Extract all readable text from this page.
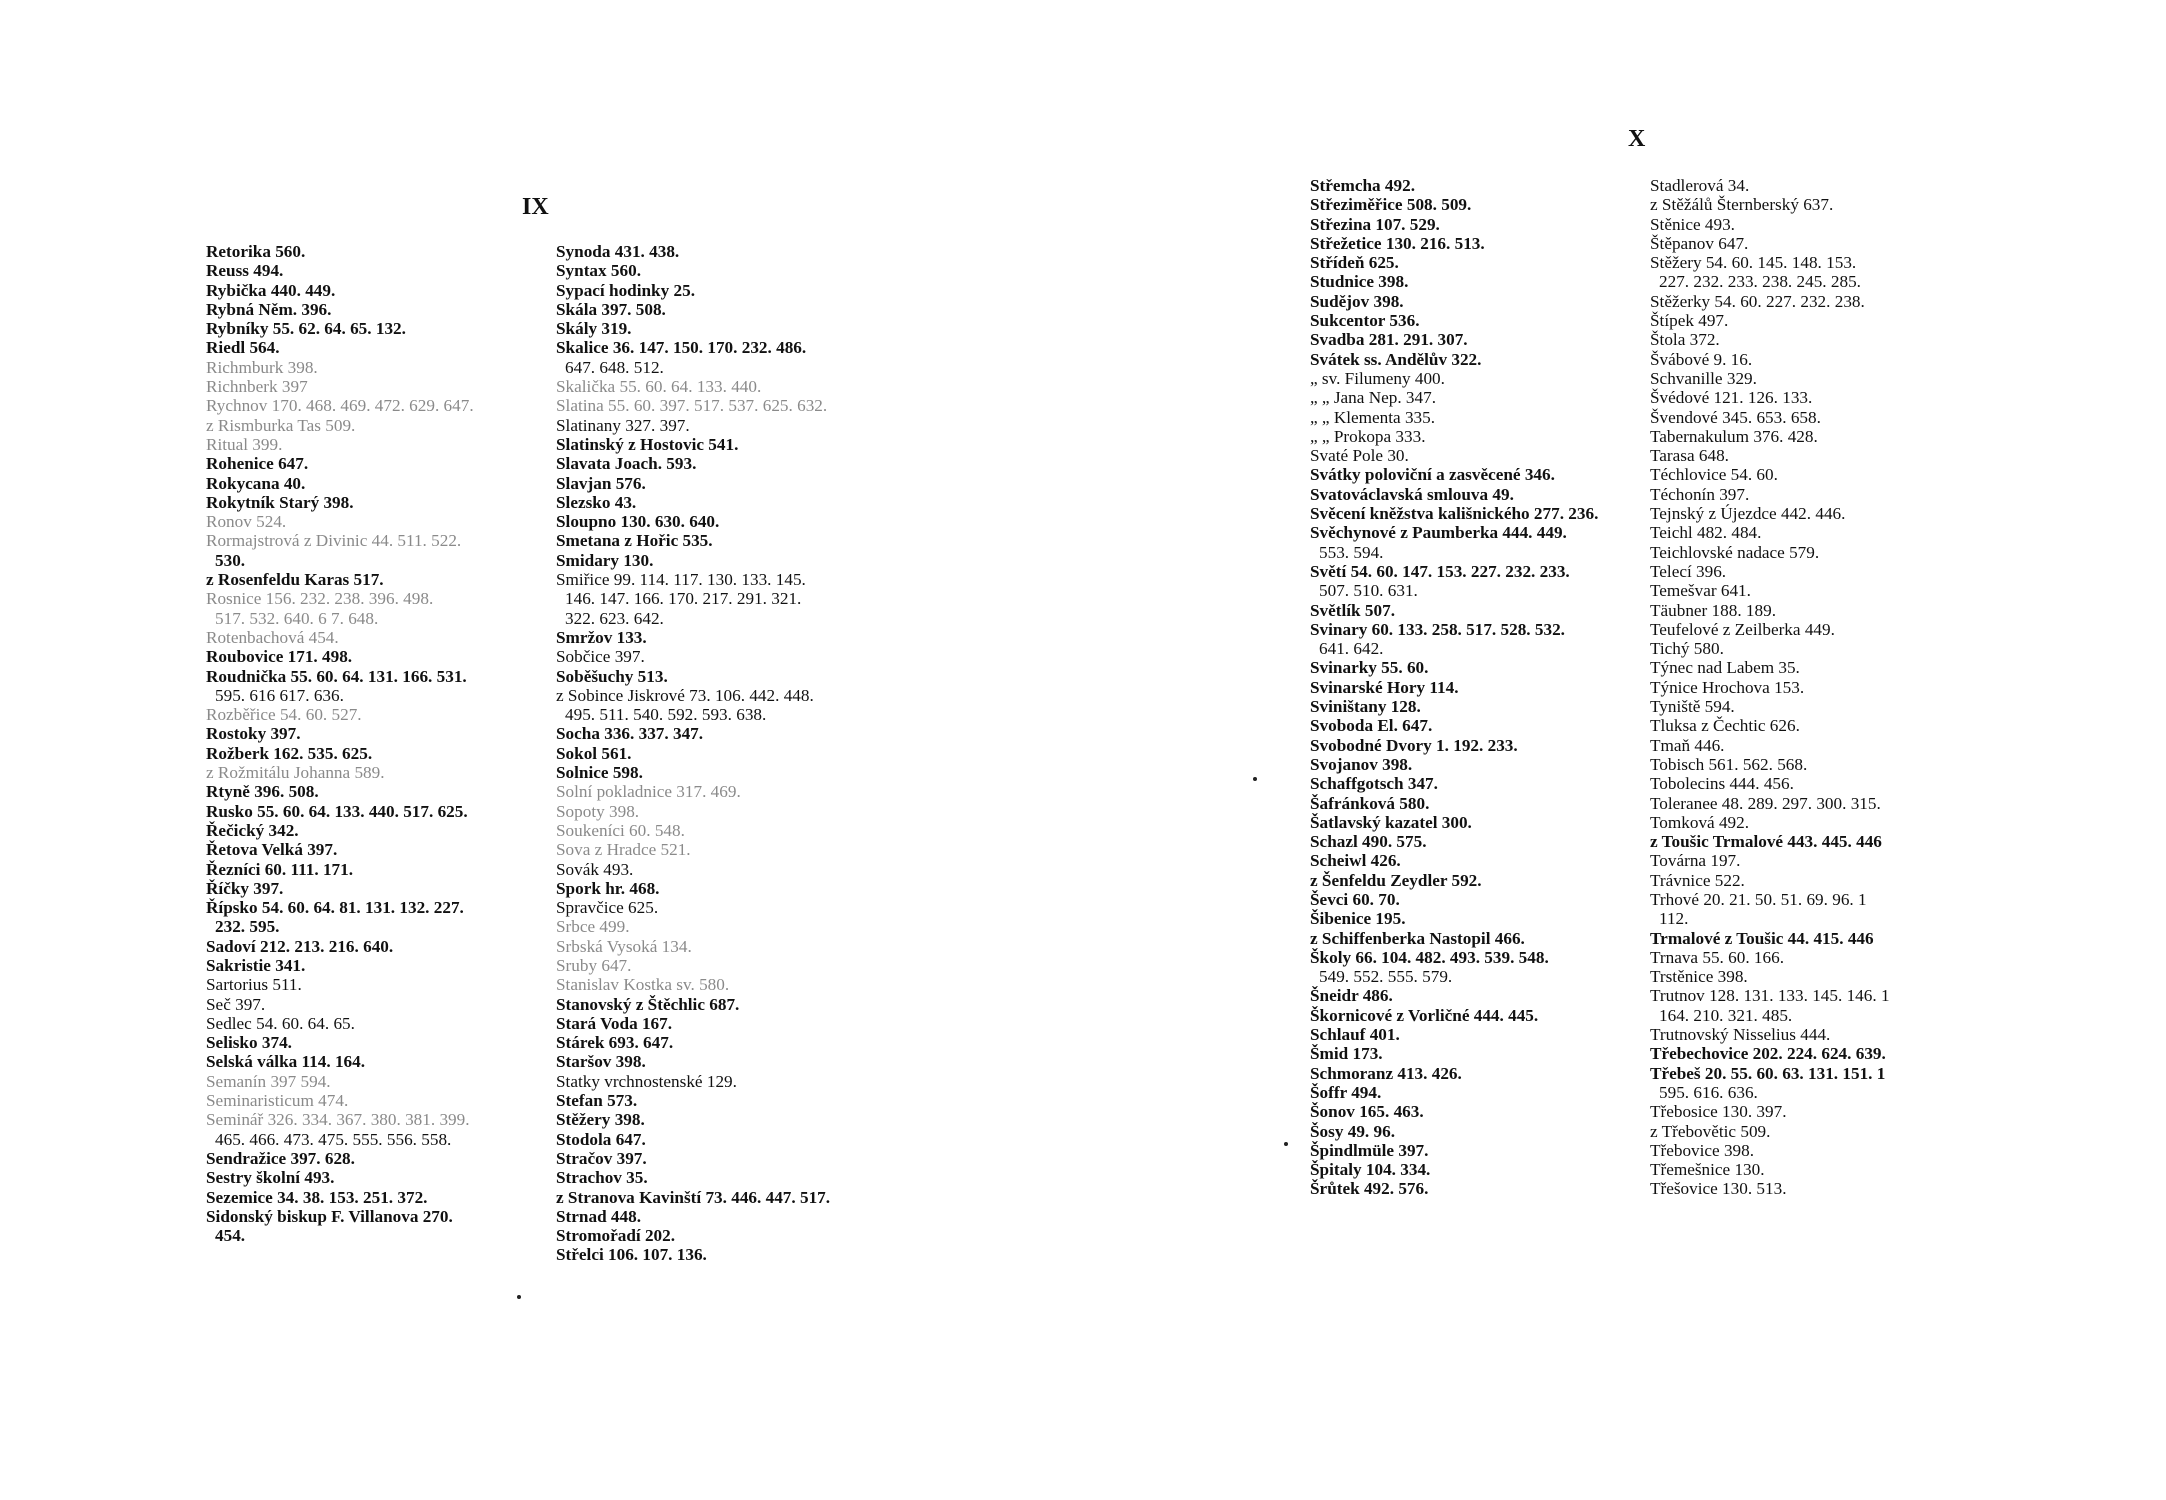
IX
Retorika 560.
Reuss 494.
Rybička 440. 449.
Rybná Něm. 396.
Rybníky 55. 62. 64. 65. 132.
Riedl 564.
Richmburk 398.
Richnberk 397
Rychnov 170. 468. 469. 472. 629. 647.
z Rismburka Tas 509.
Ritual 399.
Rohenice 647.
Rokycana 40.
Rokytník Starý 398.
Ronov 524.
Rormajstrová z Divinic 44. 511. 522.
530.
z Rosenfeldu Karas 517.
Rosnice 156. 232. 238. 396. 498.
517. 532. 640. 6 7. 648.
Rotenbachová 454.
Roubovice 171. 498.
Roudnička 55. 60. 64. 131. 166. 531.
595. 616 617. 636.
Rozběřice 54. 60. 527.
Rostoky 397.
Rožberk 162. 535. 625.
z Rožmitálu Johanna 589.
Rtyně 396. 508.
Rusko 55. 60. 64. 133. 440. 517. 625.
Řečický 342.
Řetova Velká 397.
Řezníci 60. 111. 171.
Říčky 397.
Řípsko 54. 60. 64. 81. 131. 132. 227.
232. 595.
Sadoví 212. 213. 216. 640.
Sakristie 341.
Sartorius 511.
Seč 397.
Sedlec 54. 60. 64. 65.
Selisko 374.
Selská válka 114. 164.
Semanín 397 594.
Seminaristicum 474.
Seminář 326. 334. 367. 380. 381. 399.
465. 466. 473. 475. 555. 556. 558.
Sendražice 397. 628.
Sestry školní 493.
Sezemice 34. 38. 153. 251. 372.
Sidonský biskup F. Villanova 270.
454.
Synoda 431. 438.
Syntax 560.
Sypací hodinky 25.
Skála 397. 508.
Skály 319.
Skalice 36. 147. 150. 170. 232. 486.
647. 648. 512.
Skalička 55. 60. 64. 133. 440.
Slatina 55. 60. 397. 517. 537. 625. 632.
Slatinany 327. 397.
Slatinský z Hostovic 541.
Slavata Joach. 593.
Slavjan 576.
Slezsko 43.
Sloupno 130. 630. 640.
Smetana z Hořic 535.
Smidary 130.
Smiřice 99. 114. 117. 130. 133. 145.
146. 147. 166. 170. 217. 291. 321.
322. 623. 642.
Smržov 133.
Sobčice 397.
Soběšuchy 513.
z Sobince Jiskrové 73. 106. 442. 448.
495. 511. 540. 592. 593. 638.
Socha 336. 337. 347.
Sokol 561.
Solnice 598.
Solní pokladnice 317. 469.
Sopoty 398.
Soukeníci 60. 548.
Sova z Hradce 521.
Sovák 493.
Spork hr. 468.
Spravčice 625.
Srbce 499.
Srbská Vysoká 134.
Sruby 647.
Stanislav Kostka sv. 580.
Stanovský z Štěchlic 687.
Stará Voda 167.
Stárek 693. 647.
Staršov 398.
Statky vrchnostenské 129.
Stefan 573.
Stěžery 398.
Stodola 647.
Stračov 397.
Strachov 35.
z Stranova Kavinští 73. 446. 447. 517.
Strnad 448.
Stromořadí 202.
Střelci 106. 107. 136.
X
Střemcha 492.
Střeziměřice 508. 509.
Střezina 107. 529.
Střežetice 130. 216. 513.
Střídeň 625.
Studnice 398.
Sudějov 398.
Sukcentor 536.
Svadba 281. 291. 307.
Svátek ss. Andělův 322.
„ sv. Filumeny 400.
„ „ Jana Nep. 347.
„ „ Klementa 335.
„ „ Prokopa 333.
Svaté Pole 30.
Svátky poloviční a zasvěcené 346.
Svatováclavská smlouva 49.
Svěcení kněžstva kališnického 277. 236.
Svěchynové z Paumberka 444. 449.
553. 594.
Světí 54. 60. 147. 153. 227. 232. 233.
507. 510. 631.
Světlík 507.
Svinary 60. 133. 258. 517. 528. 532.
641. 642.
Svinarky 55. 60.
Svinarské Hory 114.
Sviništany 128.
Svoboda El. 647.
Svobodné Dvory 1. 192. 233.
Svojanov 398.
Schaffgotsch 347.
Šafránková 580.
Šatlavský kazatel 300.
Schazl 490. 575.
Scheiwl 426.
z Šenfeldu Zeydler 592.
Ševci 60. 70.
Šibenice 195.
z Schiffenberka Nastopil 466.
Školy 66. 104. 482. 493. 539. 548.
549. 552. 555. 579.
Šneidr 486.
Škornicové z Vorličné 444. 445.
Schlauf 401.
Šmid 173.
Schmoranz 413. 426.
Šoffr 494.
Šonov 165. 463.
Šosy 49. 96.
Špindlmüle 397.
Špitaly 104. 334.
Šrůtek 492. 576.
Stadlerová 34.
z Stěžálů Šternberský 637.
Stěnice 493.
Štěpanov 647.
Stěžery 54. 60. 145. 148. 153.
227. 232. 233. 238. 245. 285.
Stěžerky 54. 60. 227. 232. 238.
Štípek 497.
Štola 372.
Švábové 9. 16.
Schvanille 329.
Švédové 121. 126. 133.
Švendové 345. 653. 658.
Tabernakulum 376. 428.
Tarasa 648.
Téchlovice 54. 60.
Téchonín 397.
Tejnský z Újezdce 442. 446.
Teichl 482. 484.
Teichlovské nadace 579.
Telecí 396.
Temešvar 641.
Täubner 188. 189.
Teufelové z Zeilberka 449.
Tichý 580.
Týnec nad Labem 35.
Týnice Hrochova 153.
Tyniště 594.
Tluksa z Čechtic 626.
Tmaň 446.
Tobisch 561. 562. 568.
Tobolecins 444. 456.
Toleranee 48. 289. 297. 300. 315.
Tomková 492.
z Toušic Trmalové 443. 445. 446
Továrna 197.
Trávnice 522.
Trhové 20. 21. 50. 51. 69. 96. 1
112.
Trmalové z Toušic 44. 415. 446
Trnava 55. 60. 166.
Trstěnice 398.
Trutnov 128. 131. 133. 145. 146. 1
164. 210. 321. 485.
Trutnovský Nisselius 444.
Třebechovice 202. 224. 624. 639.
Třebeš 20. 55. 60. 63. 131. 151. 1
595. 616. 636.
Třebosice 130. 397.
z Třebovětic 509.
Třebovice 398.
Třemešnice 130.
Třešovice 130. 513.
